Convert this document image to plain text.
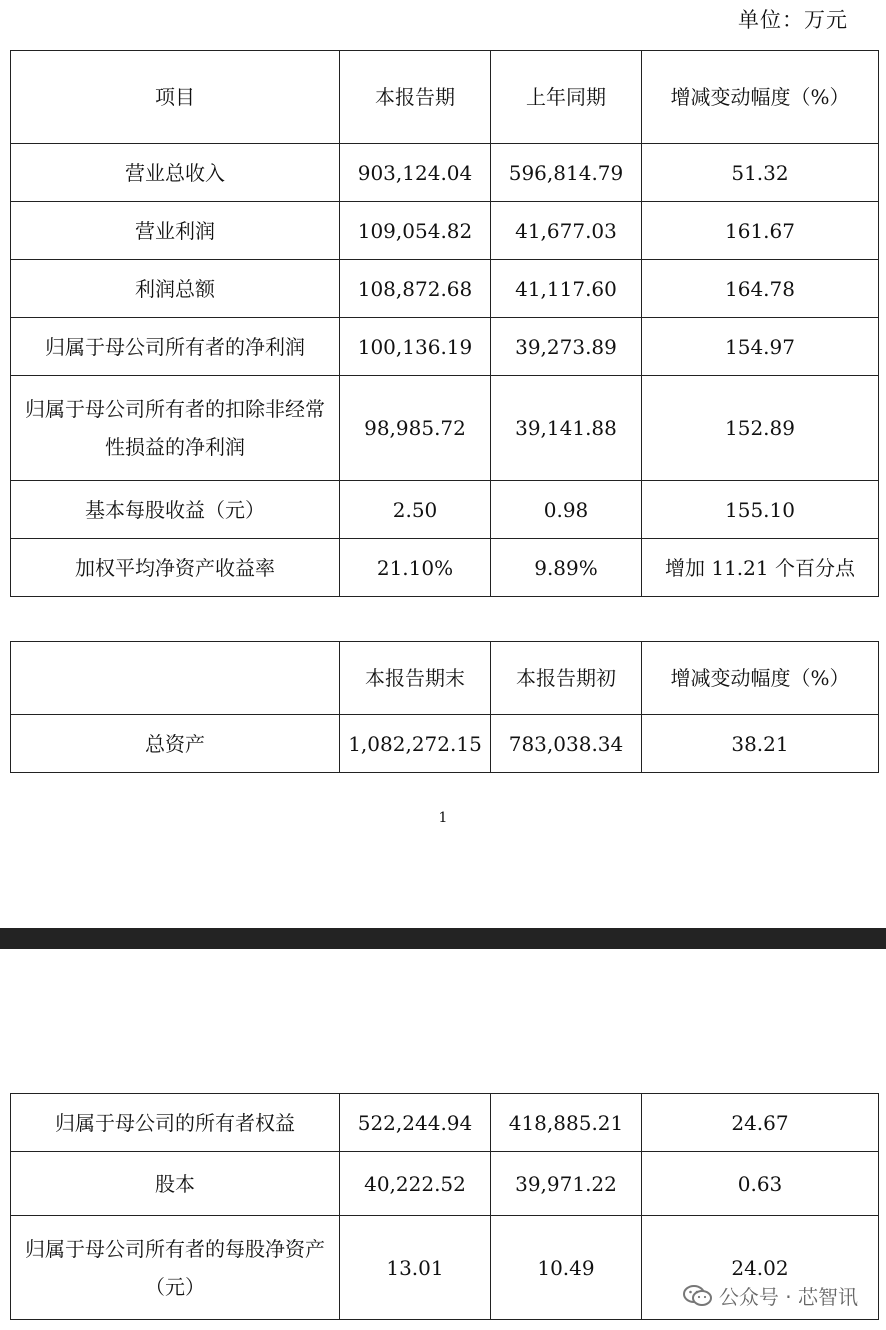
单位：万元
项目	本报告期	上年同期	增减变动幅度（%）
营业总收入	903,124.04	596,814.79	51.32
营业利润	109,054.82	41,677.03	161.67
利润总额	108,872.68	41,117.60	164.78
归属于母公司所有者的净利润	100,136.19	39,273.89	154.97
归属于母公司所有者的扣除非经常性损益的净利润	98,985.72	39,141.88	152.89
基本每股收益（元）	2.50	0.98	155.10
加权平均净资产收益率	21.10%	9.89%	增加 11.21 个百分点
	本报告期末	本报告期初	增减变动幅度（%）
总资产	1,082,272.15	783,038.34	38.21
1
归属于母公司的所有者权益	522,244.94	418,885.21	24.67
股本	40,222.52	39,971.22	0.63
归属于母公司所有者的每股净资产（元）	13.01	10.49	24.02
公众号 · 芯智讯
